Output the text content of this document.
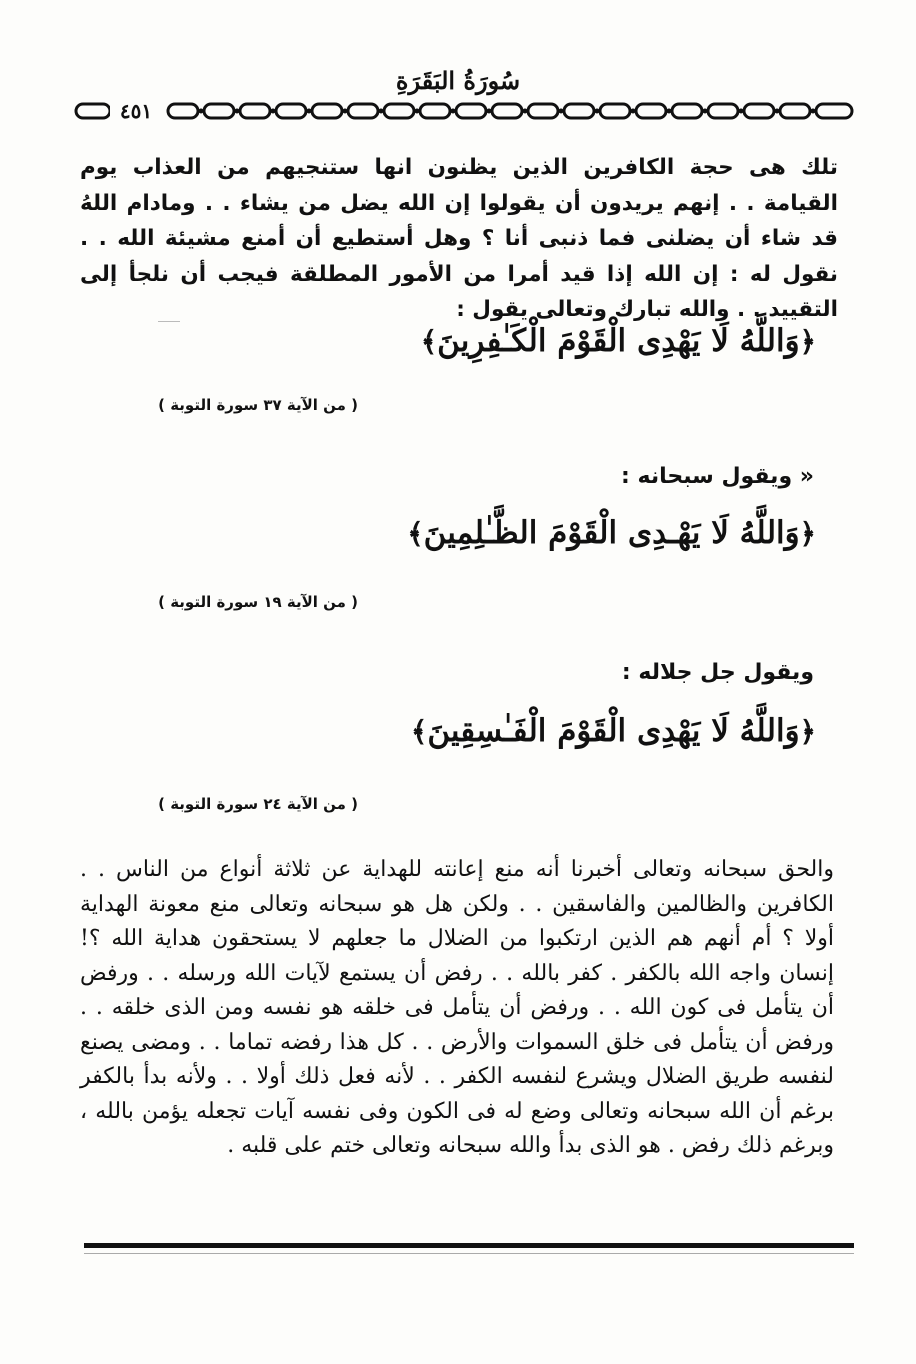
سُورَةُ البَقَرَةِ
٤٥١

تلك هى حجة الكافرين الذين يظنون انها ستنجيهم من العذاب يوم القيامة . . إنهم يريدون أن يقولوا إن الله يضل من يشاء . . ومادام اللهُ قد شاء أن يضلنى فما ذنبى أنا ؟ وهل أستطيع أن أمنع مشيئة الله . . نقول له : إن الله إذا قيد أمرا من الأمور المطلقة فيجب أن نلجأ إلى التقييد . . والله تبارك وتعالى يقول :

﴿وَاللَّهُ لَا يَهْدِى الْقَوْمَ الْكَـٰفِرِينَ﴾
( من الآية ٣٧ سورة التوبة )
« ويقول سبحانه :
﴿وَاللَّهُ لَا يَهْـدِى الْقَوْمَ الظَّـٰلِمِينَ﴾
( من الآية ١٩ سورة التوبة )
ويقول جل جلاله :
﴿وَاللَّهُ لَا يَهْدِى الْقَوْمَ الْفَـٰسِقِينَ﴾
( من الآية ٢٤ سورة التوبة )

والحق سبحانه وتعالى أخبرنا أنه منع إعانته للهداية عن ثلاثة أنواع من الناس . . الكافرين والظالمين والفاسقين . . ولكن هل هو سبحانه وتعالى منع معونة الهداية أولا ؟ أم أنهم هم الذين ارتكبوا من الضلال ما جعلهم لا يستحقون هداية الله ؟! إنسان واجه الله بالكفر . كفر بالله . . رفض أن يستمع لآيات الله ورسله . . ورفض أن يتأمل فى كون الله . . ورفض أن يتأمل فى خلقه هو نفسه ومن الذى خلقه . . ورفض أن يتأمل فى خلق السموات والأرض . . كل هذا رفضه تماما . . ومضى يصنع لنفسه طريق الضلال ويشرع لنفسه الكفر . . لأنه فعل ذلك أولا . . ولأنه بدأ بالكفر برغم أن الله سبحانه وتعالى وضع له فى الكون وفى نفسه آيات تجعله يؤمن بالله ، وبرغم ذلك رفض . هو الذى بدأ والله سبحانه وتعالى ختم على قلبه .
